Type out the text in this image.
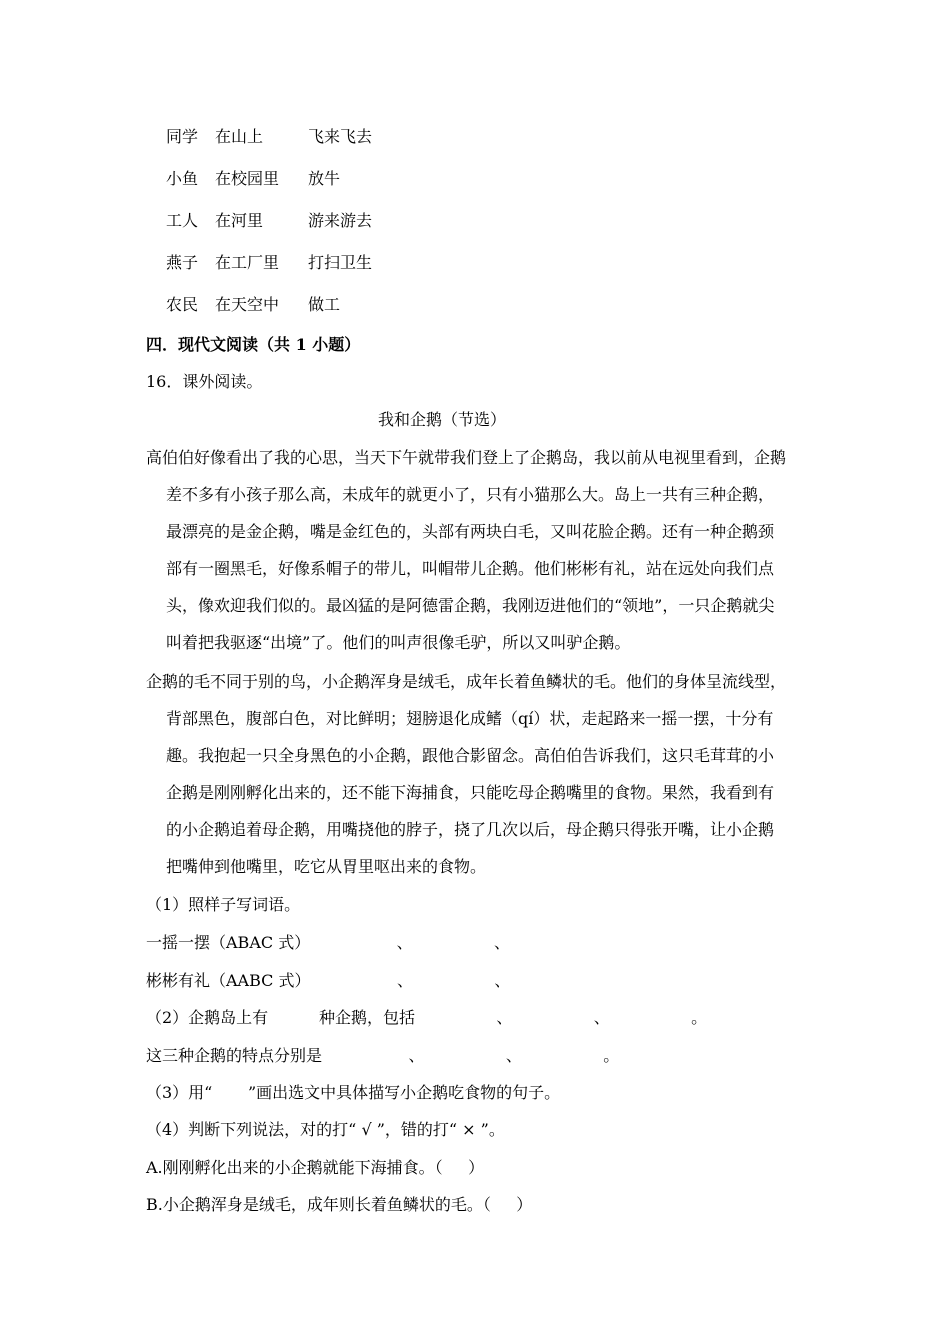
同学 在山上	飞来飞去
小鱼 在校园里 放牛
工人 在河里	游来游去
燕子 在工厂里 打扫卫生
农民 在天空中 做工
四．现代文阅读（共 1 小题）
16．课外阅读。
我和企鹅（节选）
高伯伯好像看出了我的心思，当天下午就带我们登上了企鹅岛，我以前从电视里看到，企鹅
差不多有小孩子那么高，未成年的就更小了，只有小猫那么大。岛上一共有三种企鹅，
最漂亮的是金企鹅，嘴是金红色的，头部有两块白毛，又叫花脸企鹅。还有一种企鹅颈
部有一圈黑毛，好像系帽子的带儿，叫帽带儿企鹅。他们彬彬有礼，站在远处向我们点
头，像欢迎我们似的。最凶猛的是阿德雷企鹅，我刚迈进他们的“领地”，一只企鹅就尖
叫着把我驱逐“出境”了。他们的叫声很像毛驴，所以又叫驴企鹅。
企鹅的毛不同于别的鸟，小企鹅浑身是绒毛，成年长着鱼鳞状的毛。他们的身体呈流线型，
背部黑色，腹部白色，对比鲜明；翅膀退化成鳍（qí）状，走起路来一摇一摆，十分有
趣。我抱起一只全身黑色的小企鹅，跟他合影留念。高伯伯告诉我们，这只毛茸茸的小
企鹅是刚刚孵化出来的，还不能下海捕食，只能吃母企鹅嘴里的食物。果然，我看到有
的小企鹅追着母企鹅，用嘴挠他的脖子，挠了几次以后，母企鹅只得张开嘴，让小企鹅
把嘴伸到他嘴里，吃它从胃里呕出来的食物。
（1）照样子写词语。
一摇一摆（ABAC 式）                 、                、
彬彬有礼（AABC 式）                 、                、
（2）企鹅岛上有          种企鹅，包括                、                、                。
这三种企鹅的特点分别是                 、                、                。
（3）用“       ”画出选文中具体描写小企鹅吃食物的句子。
（4）判断下列说法，对的打“ √ ”，错的打“ × ”。
A.刚刚孵化出来的小企鹅就能下海捕食。（     ）
B.小企鹅浑身是绒毛，成年则长着鱼鳞状的毛。（     ）
